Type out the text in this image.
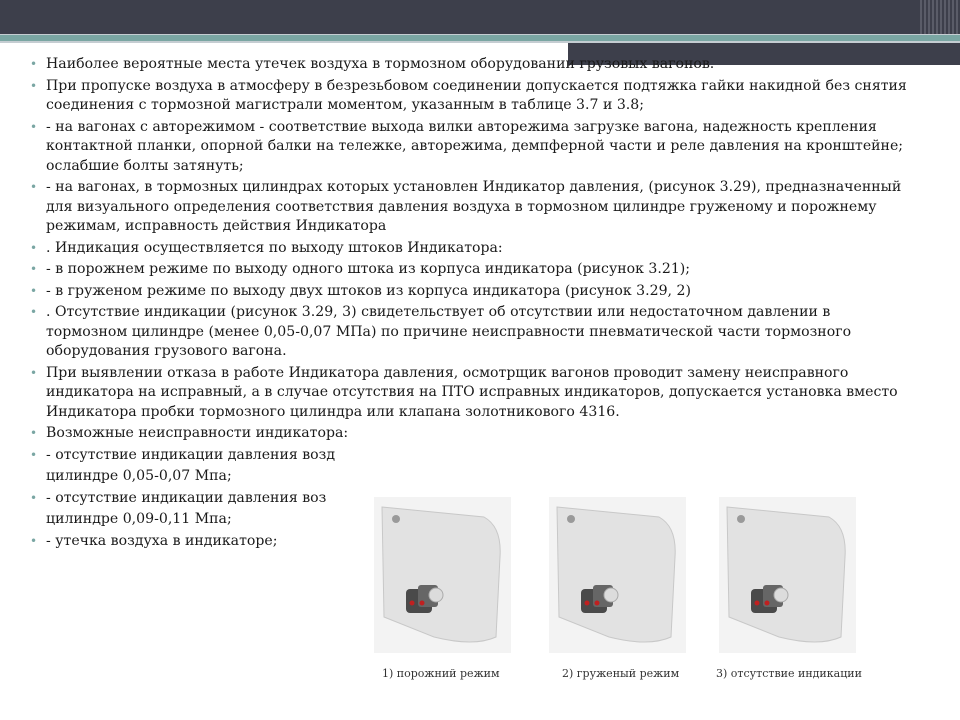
• Наиболее вероятные места утечек воздуха в тормозном оборудовании грузовых вагонов.
• При пропуске воздуха в атмосферу в безрезьбовом соединении допускается подтяжка гайки накидной без снятия соединения с тормозной магистрали моментом, указанным в таблице 3.7 и 3.8;
• - на вагонах с авторежимом - соответствие выхода вилки авторежима загрузке вагона, надежность крепления контактной планки, опорной балки на тележке, авторежима, демпферной части и реле давления на кронштейне; ослабшие болты затянуть;
• - на вагонах, в тормозных цилиндрах которых установлен Индикатор давления, (рисунок 3.29), предназначенный для визуального определения соответствия давления воздуха в тормозном цилиндре груженому и порожнему режимам, исправность действия Индикатора
• . Индикация осуществляется по выходу штоков Индикатора:
• - в порожнем режиме по выходу одного штока из корпуса индикатора (рисунок 3.21);
• - в груженом режиме по выходу двух штоков из корпуса индикатора (рисунок 3.29, 2)
• . Отсутствие индикации (рисунок 3.29, 3) свидетельствует об отсутствии или недостаточном давлении в тормозном цилиндре (менее 0,05-0,07 МПа) по причине неисправности пневматической части тормозного оборудования грузового вагона.
• При выявлении отказа в работе Индикатора давления, осмотрщик вагонов проводит замену неисправного индикатора на исправный, а в случае отсутствия на ПТО исправных индикаторов, допускается установка вместо Индикатора пробки тормозного цилиндра или клапана золотникового 4316.
• Возможные неисправности индикатора:
• - отсутствие индикации давления возд
цилиндре 0,05-0,07 Мпа;
• - отсутствие индикации давления воз
цилиндре 0,09-0,11 Мпа;
• - утечка воздуха в индикаторе;
1) порожний режим	2) груженый режим	3) отсутствие индикации
